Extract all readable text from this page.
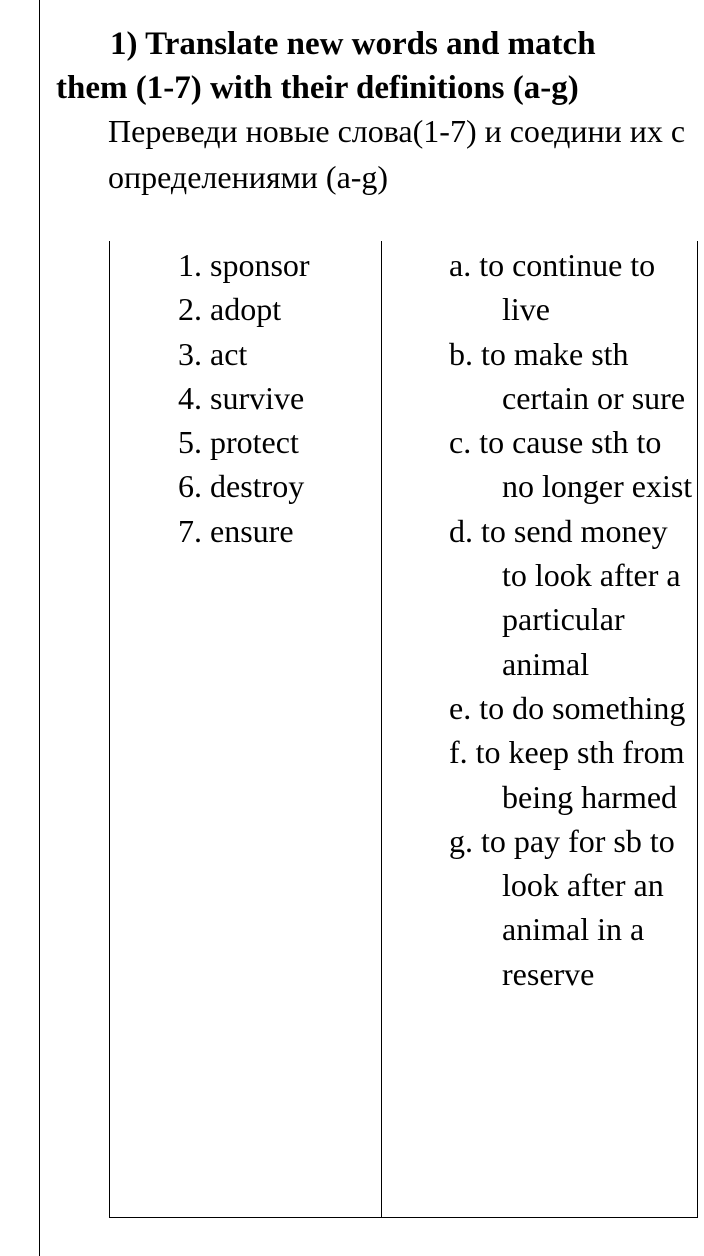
1) Translate new words and match them (1-7) with their definitions (a-g)

Переведи новые слова(1-7) и соедини их с определениями (a-g)

1. sponsor
2. adopt
3. act
4. survive
5. protect
6. destroy
7. ensure
a. to continue to live
b. to make sth certain or sure
c. to cause sth to no longer exist
d. to send money to look after a particular animal
e. to do something
f. to keep sth from being harmed
g. to pay for sb to look after an animal in a reserve
